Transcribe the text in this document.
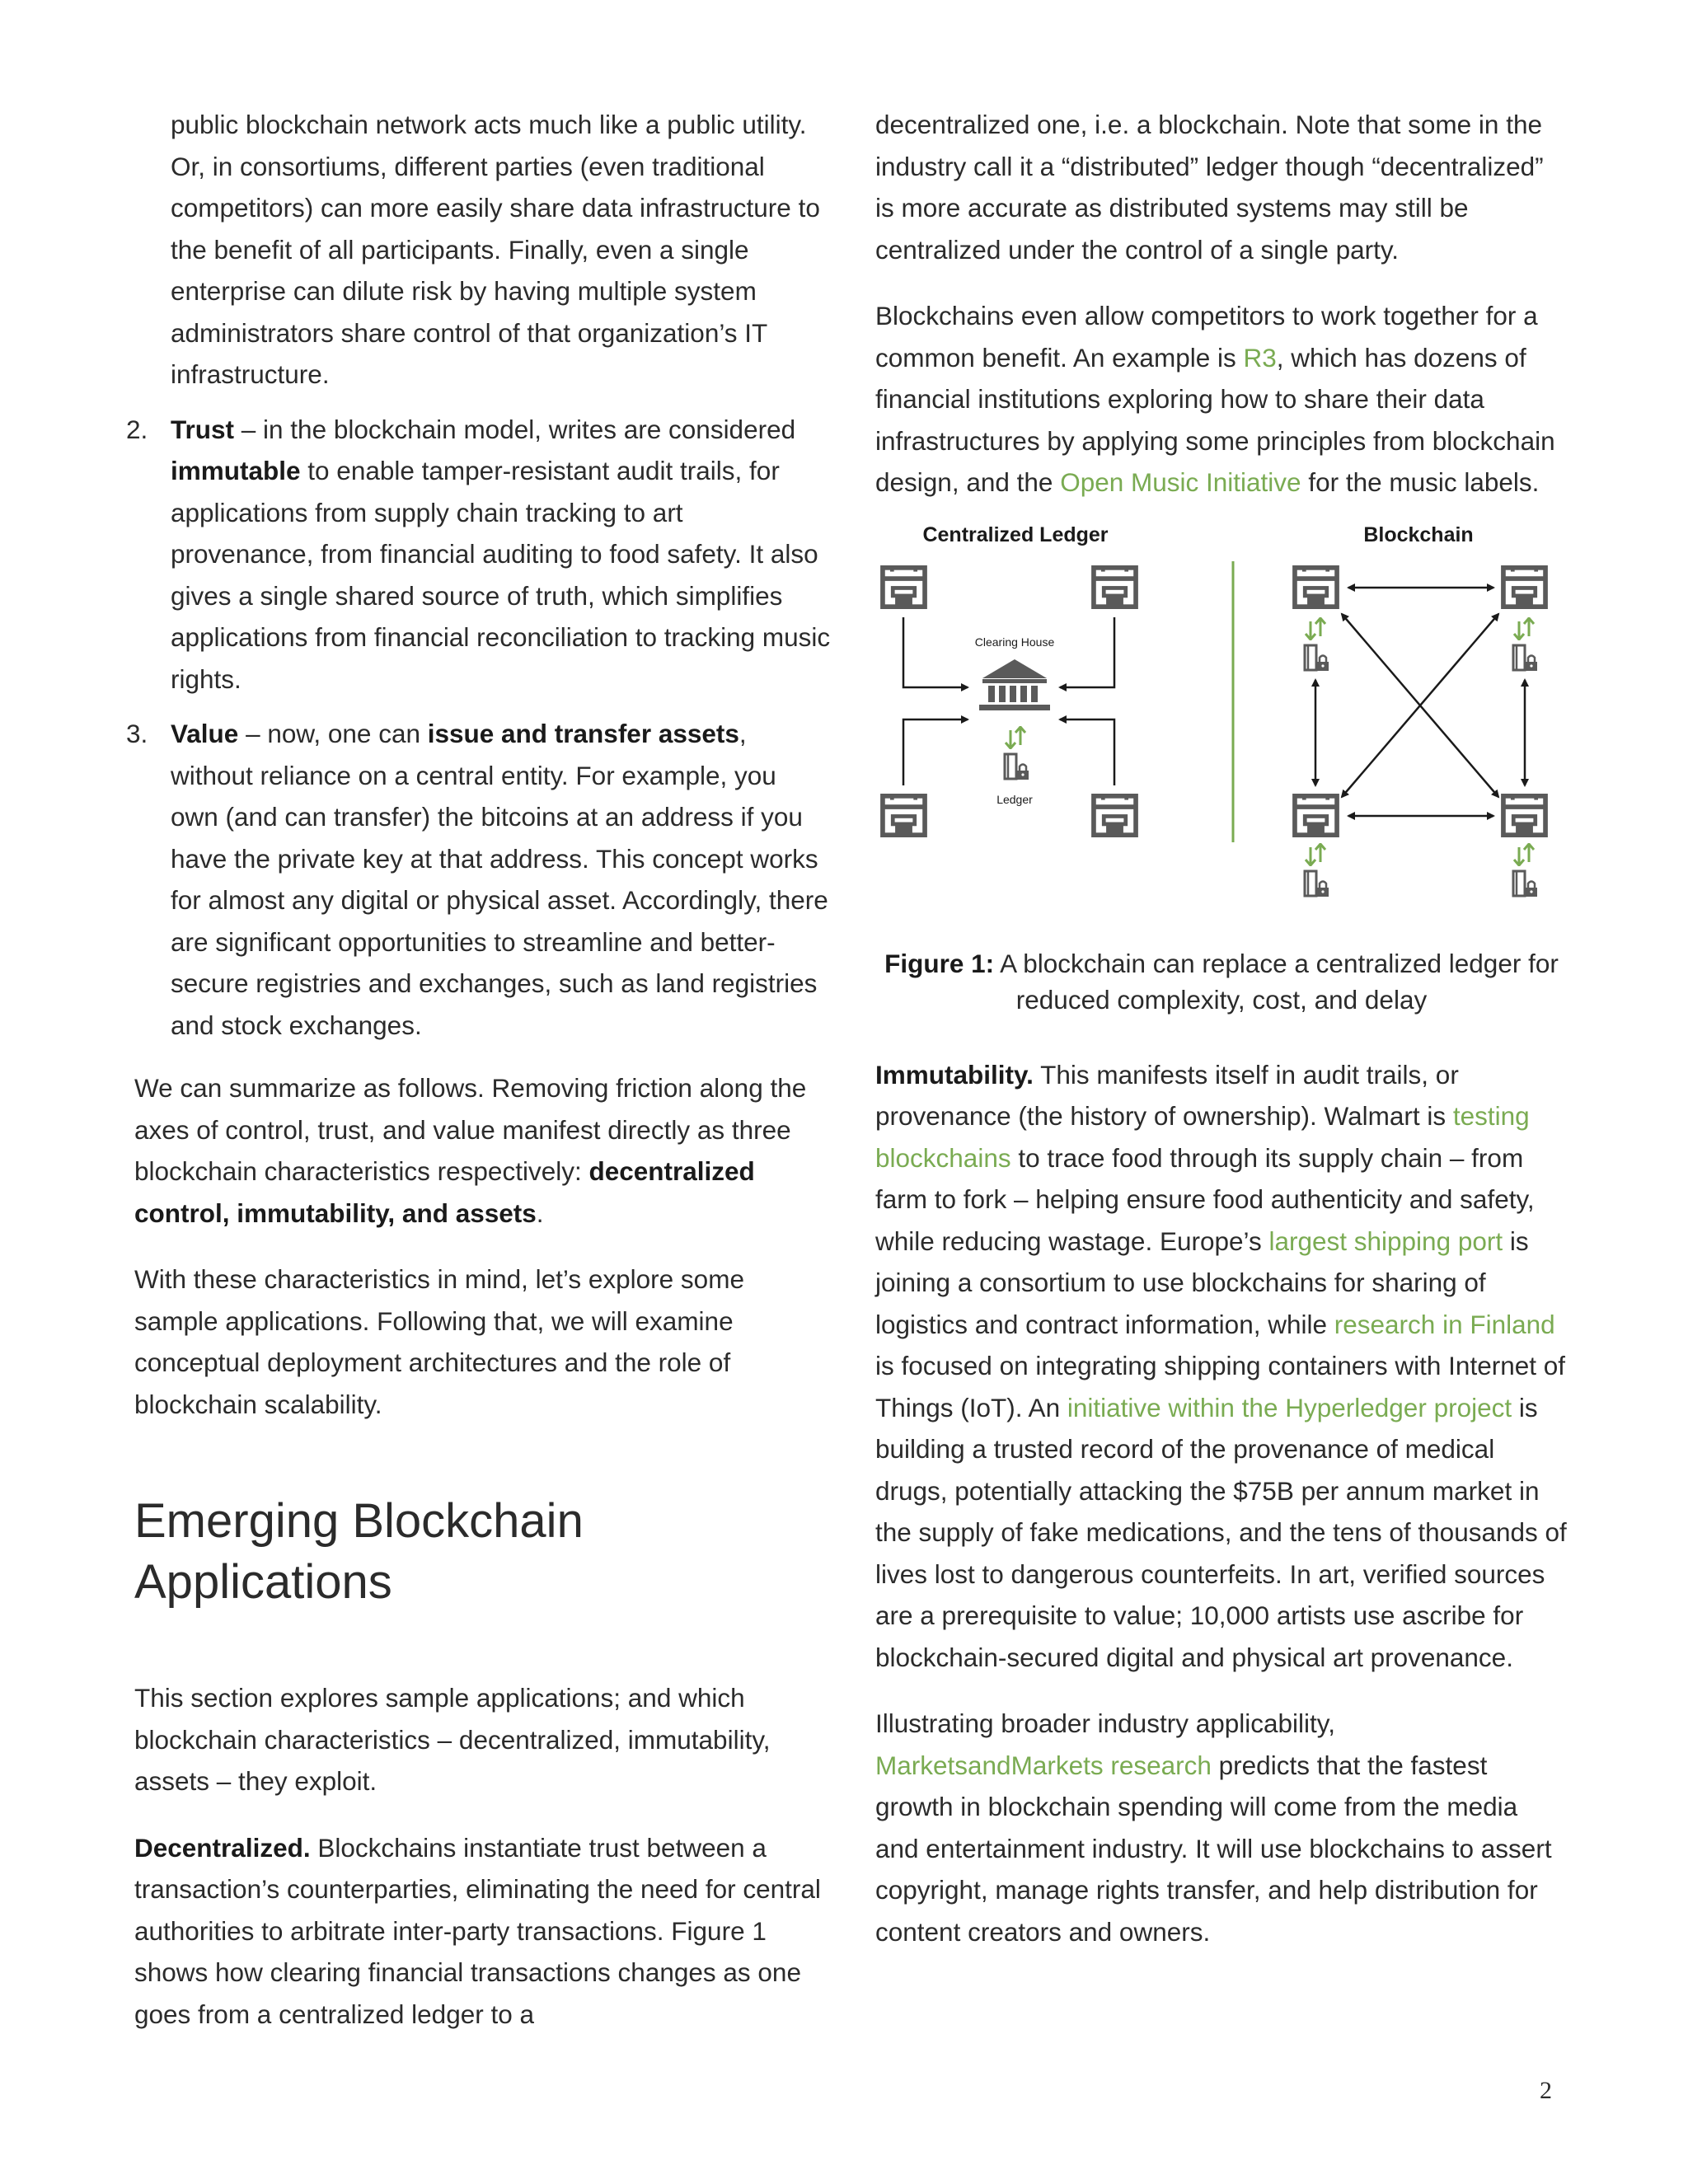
public blockchain network acts much like a public utility. Or, in consortiums, different parties (even traditional competitors) can more easily share data infrastructure to the benefit of all participants. Finally, even a single enterprise can dilute risk by having multiple system administrators share control of that organization’s IT infrastructure.

2. Trust – in the blockchain model, writes are considered immutable to enable tamper-resistant audit trails, for applications from supply chain tracking to art provenance, from financial auditing to food safety. It also gives a single shared source of truth, which simplifies applications from financial reconciliation to tracking music rights.

3. Value – now, one can issue and transfer assets, without reliance on a central entity. For example, you own (and can transfer) the bitcoins at an address if you have the private key at that address. This concept works for almost any digital or physical asset. Accordingly, there are significant opportunities to streamline and better-secure registries and exchanges, such as land registries and stock exchanges.

We can summarize as follows. Removing friction along the axes of control, trust, and value manifest directly as three blockchain characteristics respectively: decentralized control, immutability, and assets.

With these characteristics in mind, let’s explore some sample applications. Following that, we will examine conceptual deployment architectures and the role of blockchain scalability.

Emerging Blockchain
Applications

This section explores sample applications; and which blockchain characteristics – decentralized, immutability, assets – they exploit.

Decentralized. Blockchains instantiate trust between a transaction’s counterparties, eliminating the need for central authorities to arbitrate inter-party transactions. Figure 1 shows how clearing financial transactions changes as one goes from a centralized ledger to a

decentralized one, i.e. a blockchain. Note that some in the industry call it a “distributed” ledger though “decentralized” is more accurate as distributed systems may still be centralized under the control of a single party.

Blockchains even allow competitors to work together for a common benefit. An example is R3, which has dozens of financial institutions exploring how to share their data infrastructures by applying some principles from blockchain design, and the Open Music Initiative for the music labels.

Centralized Ledger	Blockchain
Clearing House
Ledger

Figure 1: A blockchain can replace a centralized ledger for reduced complexity, cost, and delay

Immutability. This manifests itself in audit trails, or provenance (the history of ownership). Walmart is testing blockchains to trace food through its supply chain – from farm to fork – helping ensure food authenticity and safety, while reducing wastage. Europe’s largest shipping port is joining a consortium to use blockchains for sharing of logistics and contract information, while research in Finland is focused on integrating shipping containers with Internet of Things (IoT). An initiative within the Hyperledger project is building a trusted record of the provenance of medical drugs, potentially attacking the $75B per annum market in the supply of fake medications, and the tens of thousands of lives lost to dangerous counterfeits. In art, verified sources are a prerequisite to value; 10,000 artists use ascribe for blockchain-secured digital and physical art provenance.

Illustrating broader industry applicability, MarketsandMarkets research predicts that the fastest growth in blockchain spending will come from the media and entertainment industry. It will use blockchains to assert copyright, manage rights transfer, and help distribution for content creators and owners.

2
